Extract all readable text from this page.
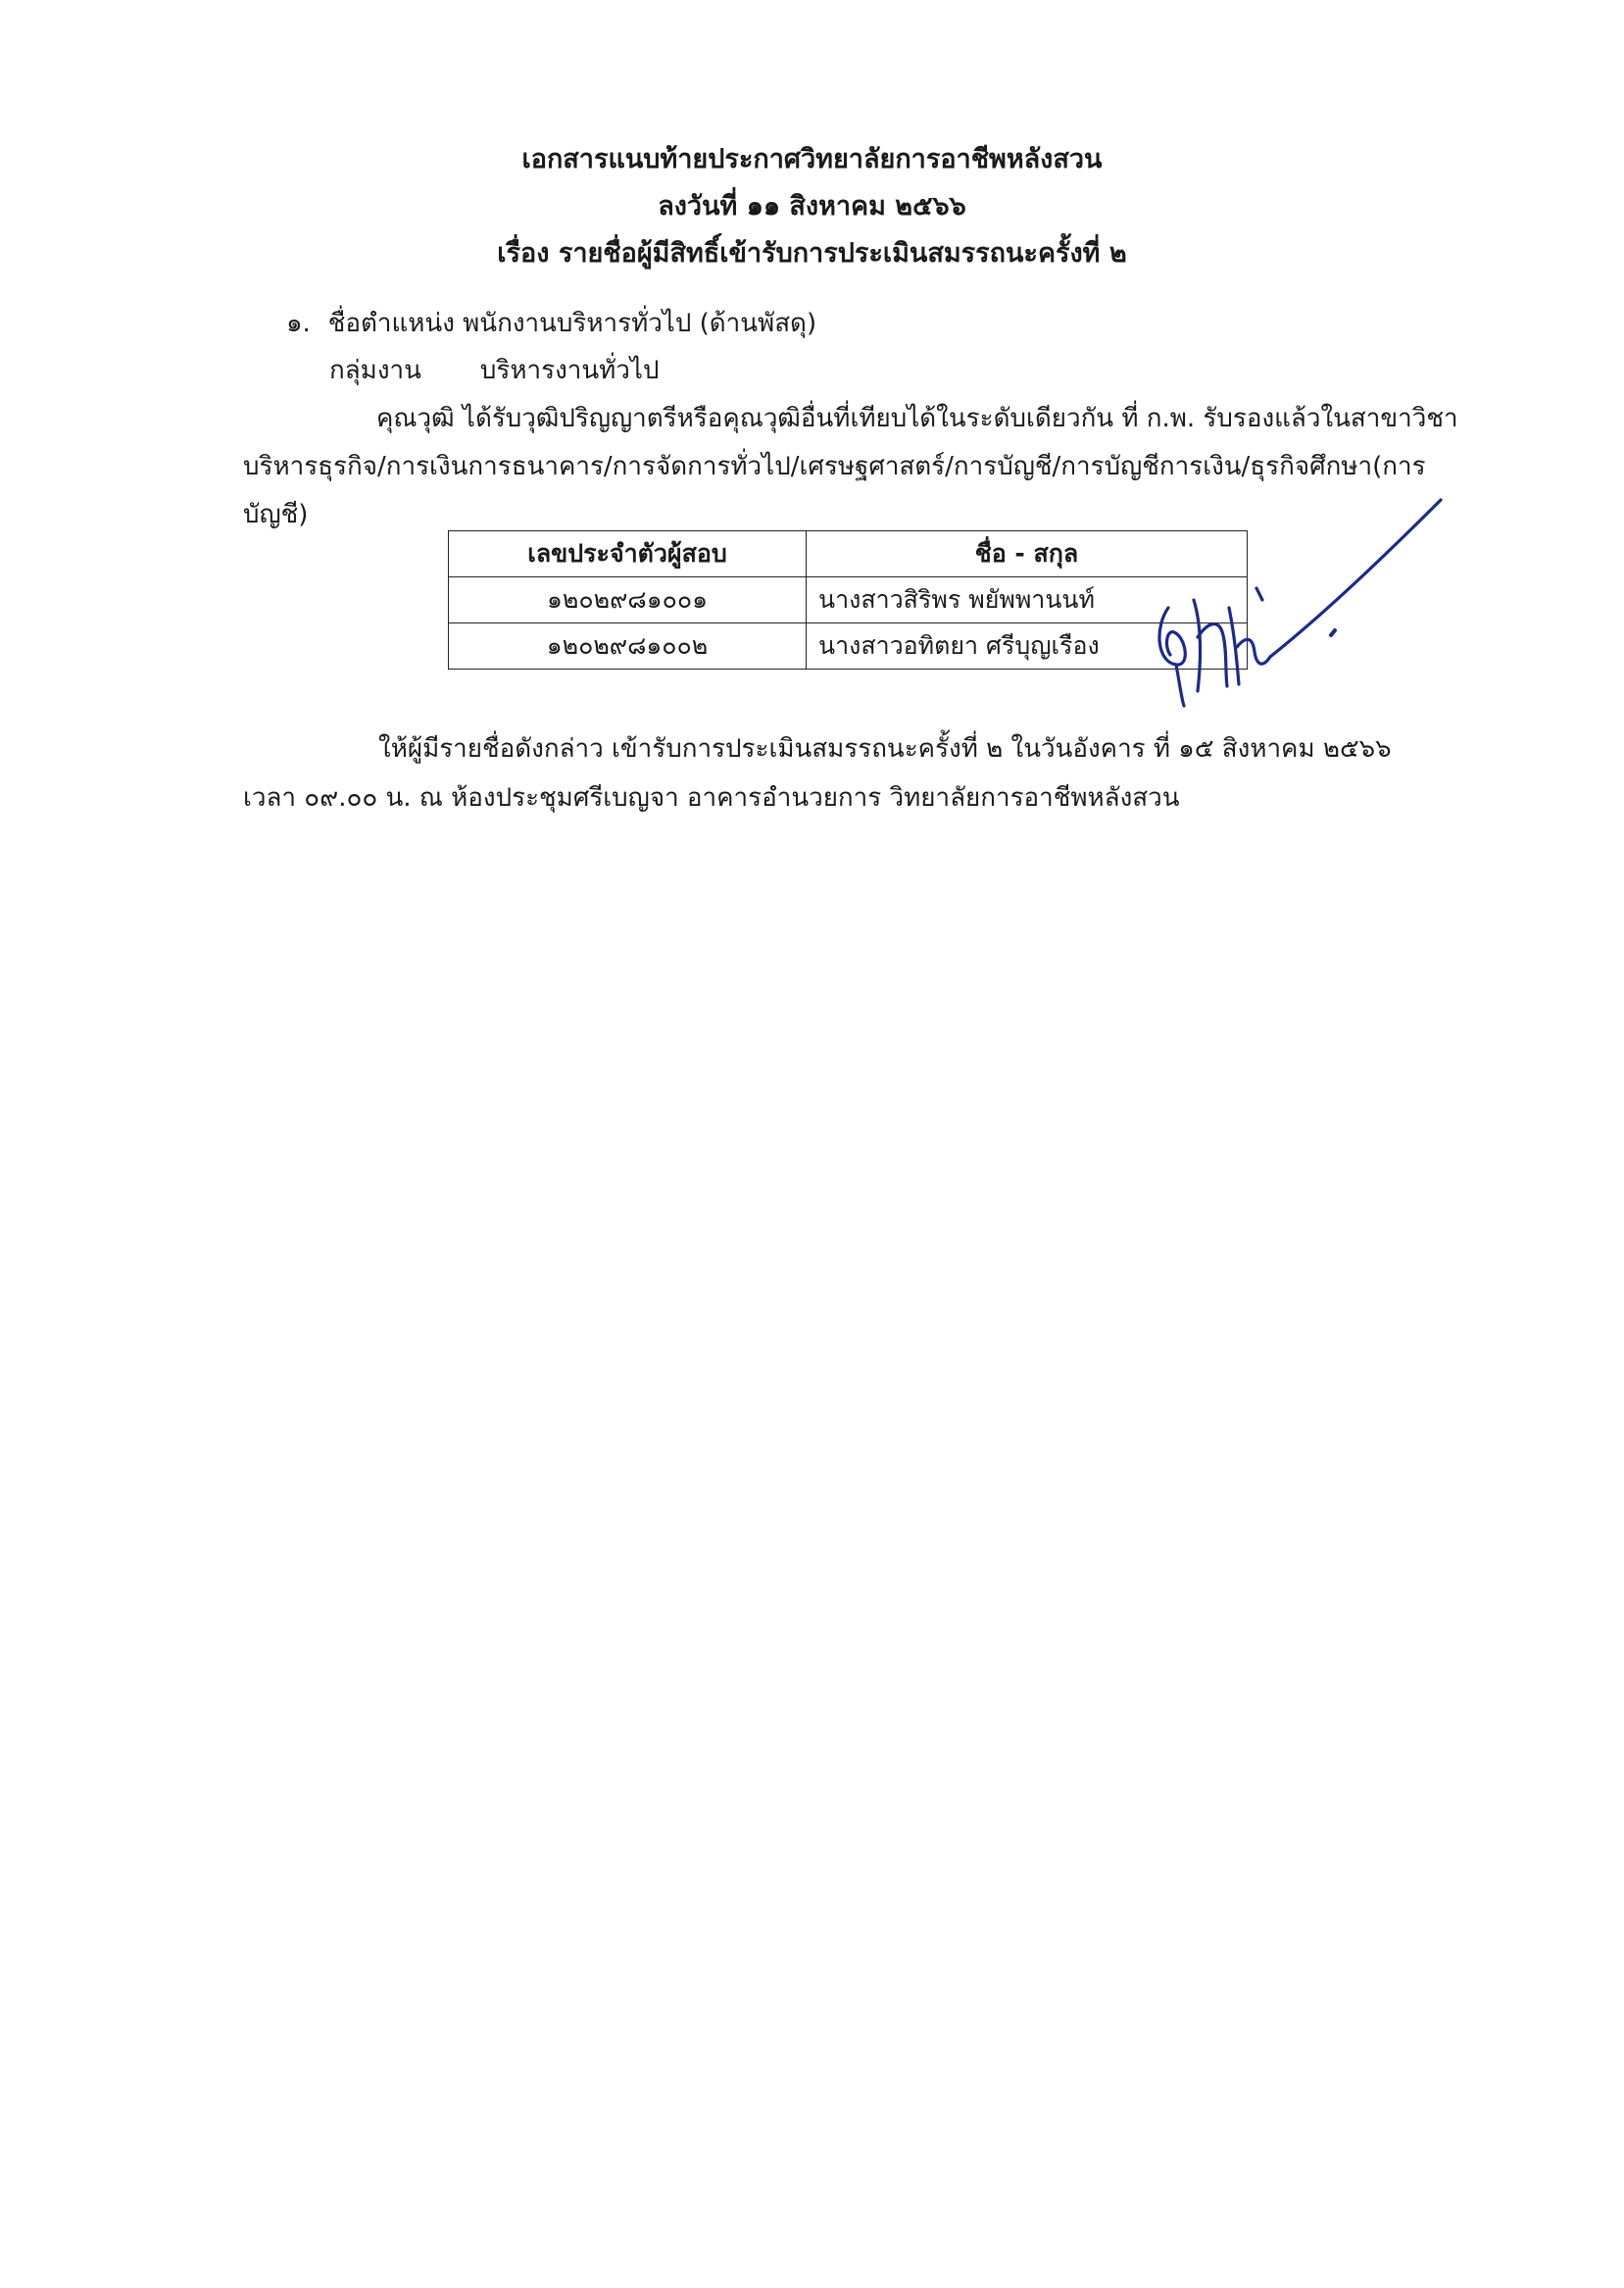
เอกสารแนบท้ายประกาศวิทยาลัยการอาชีพหลังสวน
ลงวันที่ ๑๑ สิงหาคม ๒๕๖๖
เรื่อง รายชื่อผู้มีสิทธิ์เข้ารับการประเมินสมรรถนะครั้งที่ ๒
๑. ชื่อตำแหน่ง พนักงานบริหารทั่วไป (ด้านพัสดุ)
กลุ่มงาน บริหารงานทั่วไป
คุณวุฒิ ได้รับวุฒิปริญญาตรีหรือคุณวุฒิอื่นที่เทียบได้ในระดับเดียวกัน ที่ ก.พ. รับรองแล้วในสาขาวิชา
บริหารธุรกิจ/การเงินการธนาคาร/การจัดการทั่วไป/เศรษฐศาสตร์/การบัญชี/การบัญชีการเงิน/ธุรกิจศึกษา(การ
บัญชี)
เลขประจำตัวผู้สอบ	ชื่อ - สกุล
๑๒๐๒๙๘๑๐๐๑	นางสาวสิริพร พยัพพานนท์
๑๒๐๒๙๘๑๐๐๒	นางสาวอทิตยา ศรีบุญเรือง
ให้ผู้มีรายชื่อดังกล่าว เข้ารับการประเมินสมรรถนะครั้งที่ ๒ ในวันอังคาร ที่ ๑๕ สิงหาคม ๒๕๖๖
เวลา ๐๙.๐๐ น. ณ ห้องประชุมศรีเบญจา อาคารอำนวยการ วิทยาลัยการอาชีพหลังสวน
